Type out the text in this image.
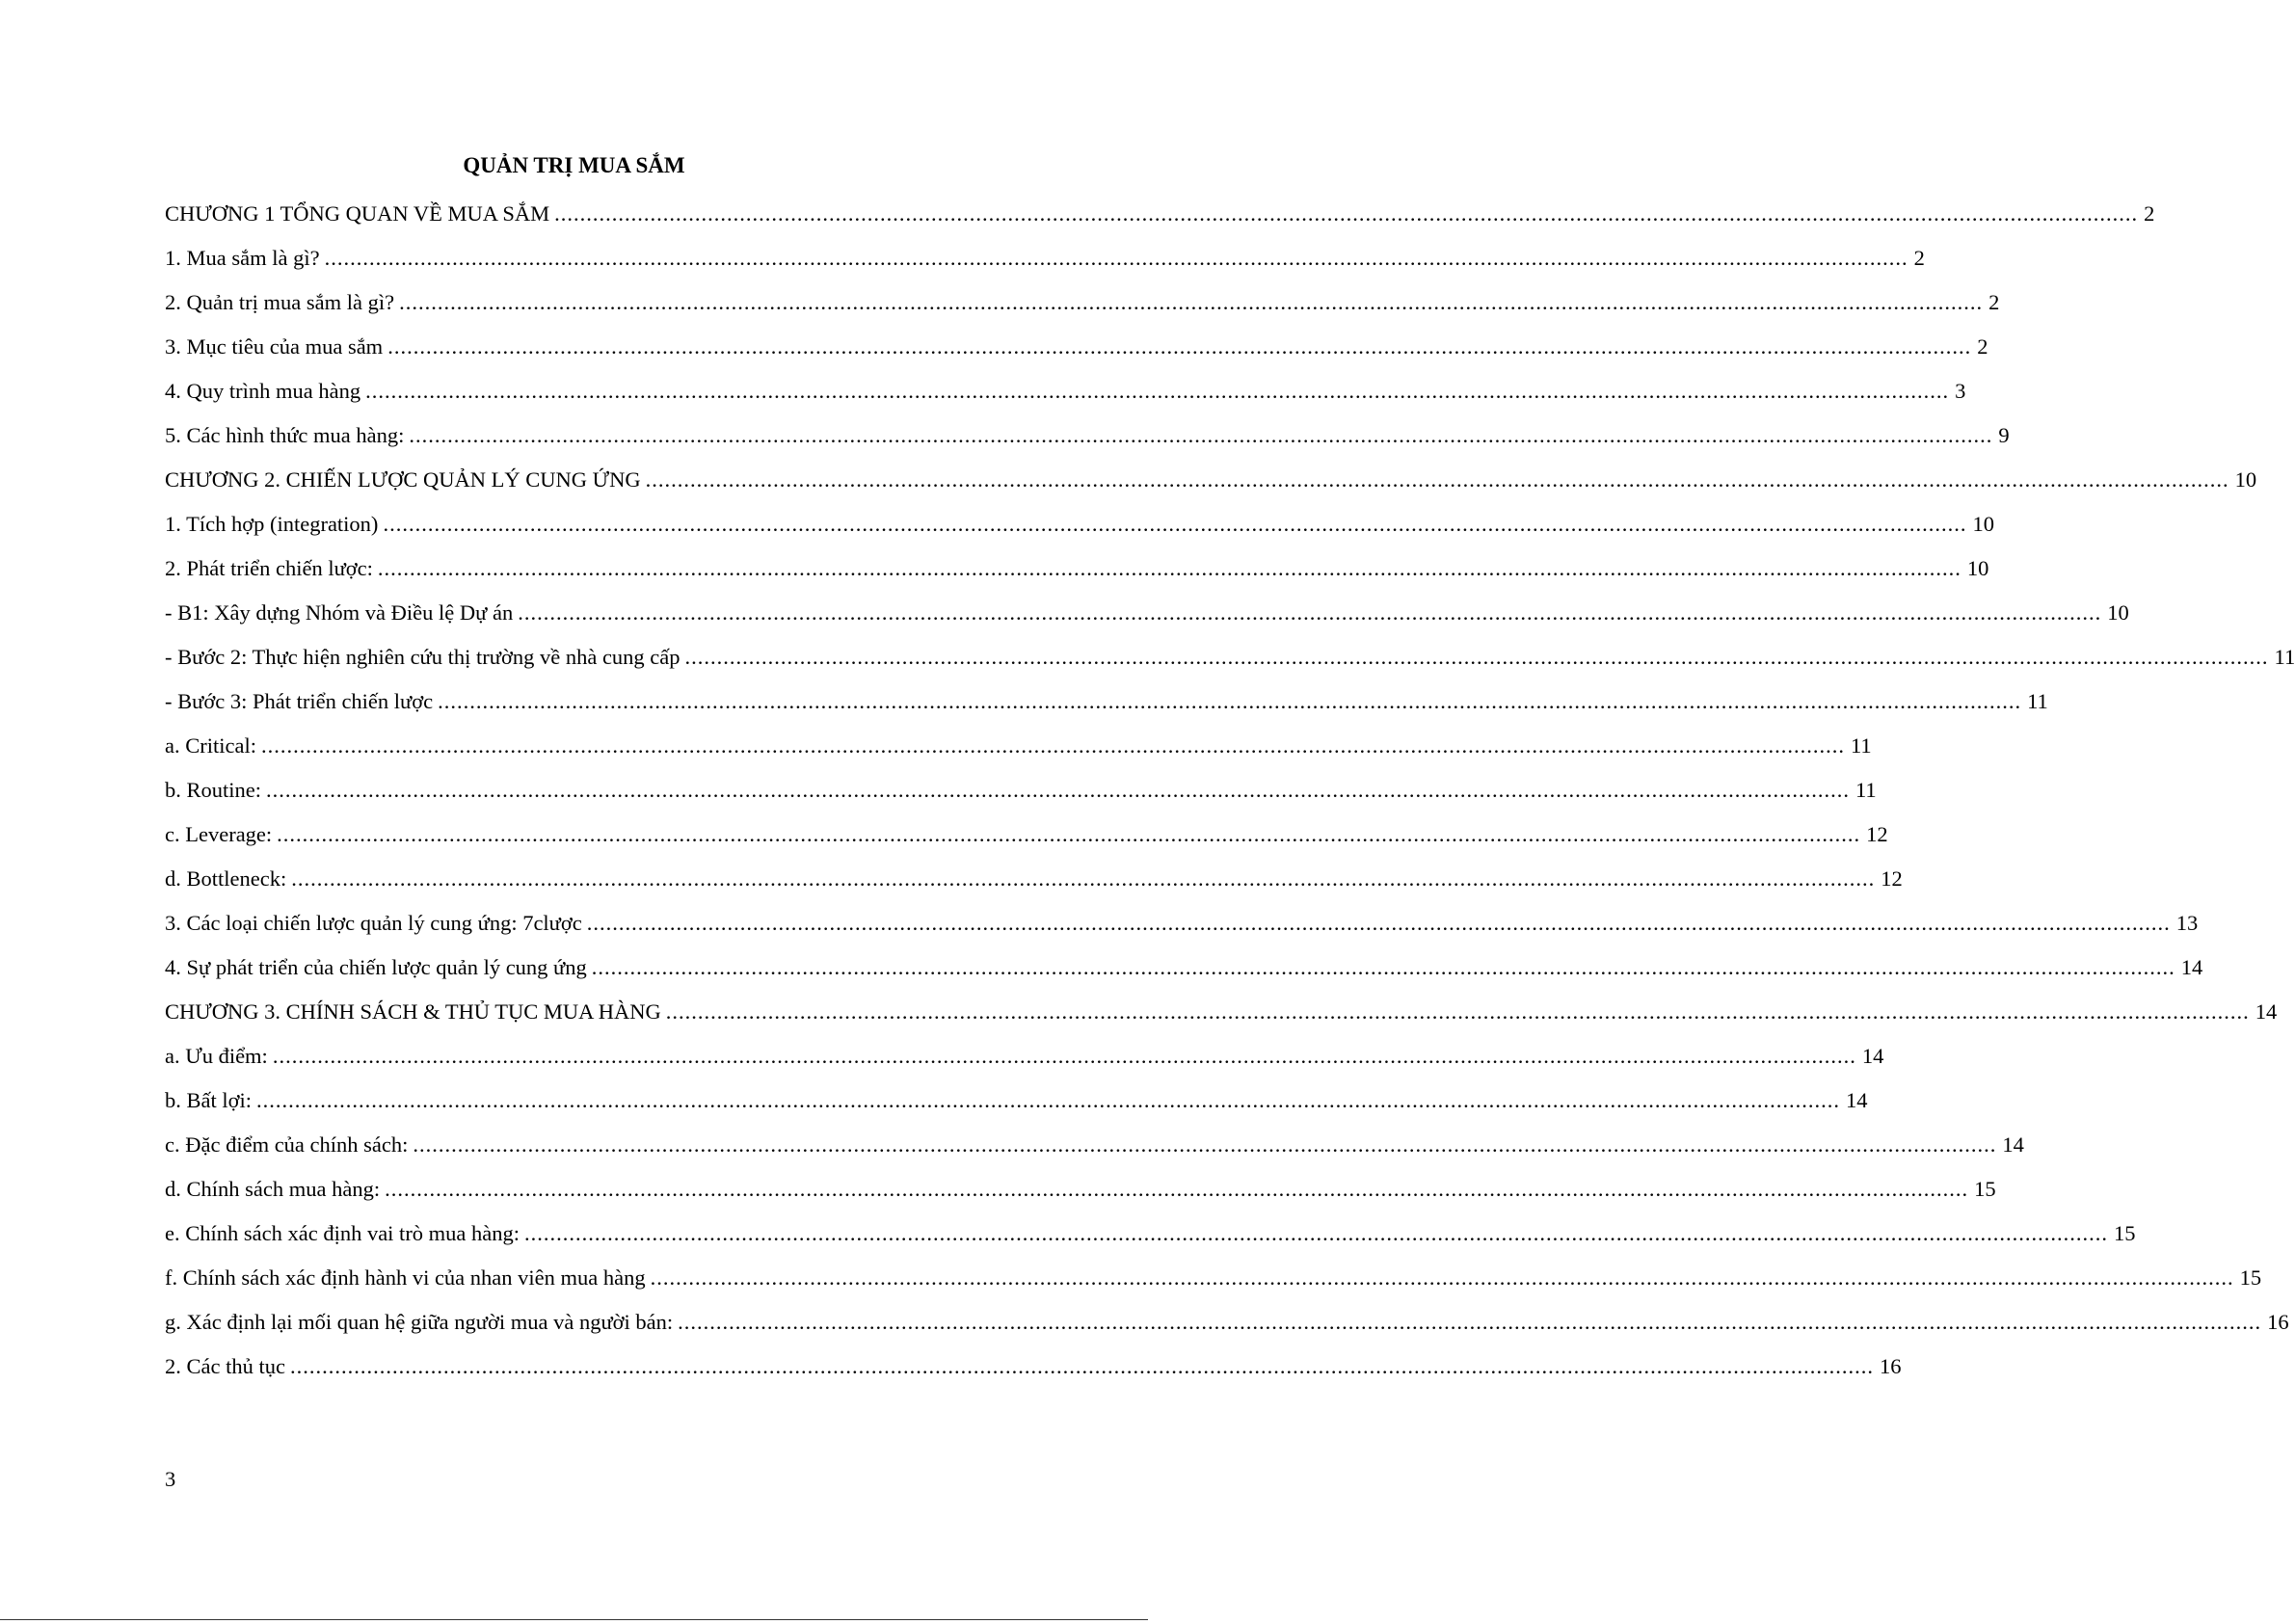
QUẢN TRỊ MUA SẮM
CHƯƠNG 1 TỔNG QUAN VỀ MUA SẮM ........................................................................................................................................................................................................................................................ 2
1. Mua sắm là gì? ........................................................................................................................................................................................................................................................ 2
2. Quản trị mua sắm là gì? ........................................................................................................................................................................................................................................................ 2
3. Mục tiêu của mua sắm ........................................................................................................................................................................................................................................................ 2
4. Quy trình mua hàng ........................................................................................................................................................................................................................................................ 3
5. Các hình thức mua hàng: ........................................................................................................................................................................................................................................................ 9
CHƯƠNG 2. CHIẾN LƯỢC QUẢN LÝ CUNG ỨNG ........................................................................................................................................................................................................................................................ 10
1. Tích hợp (integration) ........................................................................................................................................................................................................................................................ 10
2. Phát triển chiến lược: ........................................................................................................................................................................................................................................................ 10
- B1: Xây dựng Nhóm và Điều lệ Dự án ........................................................................................................................................................................................................................................................ 10
- Bước 2: Thực hiện nghiên cứu thị trường về nhà cung cấp ........................................................................................................................................................................................................................................................ 11
- Bước 3: Phát triển chiến lược ........................................................................................................................................................................................................................................................ 11
a. Critical: ........................................................................................................................................................................................................................................................ 11
b. Routine: ........................................................................................................................................................................................................................................................ 11
c. Leverage: ........................................................................................................................................................................................................................................................ 12
d. Bottleneck: ........................................................................................................................................................................................................................................................ 12
3. Các loại chiến lược quản lý cung ứng: 7clược ........................................................................................................................................................................................................................................................ 13
4. Sự phát triển của chiến lược quản lý cung ứng ........................................................................................................................................................................................................................................................ 14
CHƯƠNG 3. CHÍNH SÁCH & THỦ TỤC MUA HÀNG ........................................................................................................................................................................................................................................................ 14
a. Ưu điểm: ........................................................................................................................................................................................................................................................ 14
b. Bất lợi: ........................................................................................................................................................................................................................................................ 14
c. Đặc điểm của chính sách: ........................................................................................................................................................................................................................................................ 14
d. Chính sách mua hàng: ........................................................................................................................................................................................................................................................ 15
e. Chính sách xác định vai trò mua hàng: ........................................................................................................................................................................................................................................................ 15
f. Chính sách xác định hành vi của nhan viên mua hàng ........................................................................................................................................................................................................................................................ 15
g. Xác định lại mối quan hệ giữa người mua và người bán: ........................................................................................................................................................................................................................................................ 16
2. Các thủ tục ........................................................................................................................................................................................................................................................ 16
3
